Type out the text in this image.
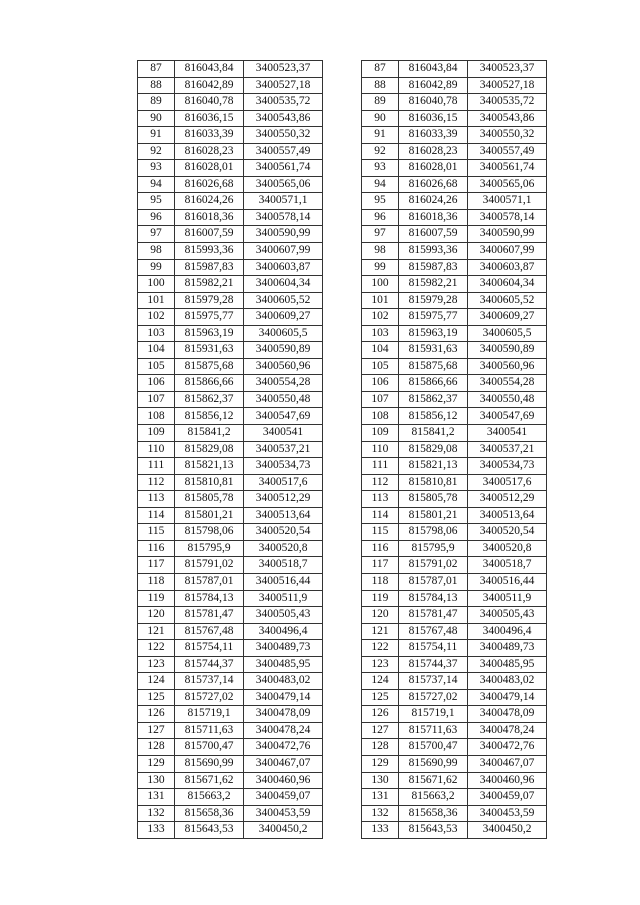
87	816043,84	3400523,37
88	816042,89	3400527,18
89	816040,78	3400535,72
90	816036,15	3400543,86
91	816033,39	3400550,32
92	816028,23	3400557,49
93	816028,01	3400561,74
94	816026,68	3400565,06
95	816024,26	3400571,1
96	816018,36	3400578,14
97	816007,59	3400590,99
98	815993,36	3400607,99
99	815987,83	3400603,87
100	815982,21	3400604,34
101	815979,28	3400605,52
102	815975,77	3400609,27
103	815963,19	3400605,5
104	815931,63	3400590,89
105	815875,68	3400560,96
106	815866,66	3400554,28
107	815862,37	3400550,48
108	815856,12	3400547,69
109	815841,2	3400541
110	815829,08	3400537,21
111	815821,13	3400534,73
112	815810,81	3400517,6
113	815805,78	3400512,29
114	815801,21	3400513,64
115	815798,06	3400520,54
116	815795,9	3400520,8
117	815791,02	3400518,7
118	815787,01	3400516,44
119	815784,13	3400511,9
120	815781,47	3400505,43
121	815767,48	3400496,4
122	815754,11	3400489,73
123	815744,37	3400485,95
124	815737,14	3400483,02
125	815727,02	3400479,14
126	815719,1	3400478,09
127	815711,63	3400478,24
128	815700,47	3400472,76
129	815690,99	3400467,07
130	815671,62	3400460,96
131	815663,2	3400459,07
132	815658,36	3400453,59
133	815643,53	3400450,2
87	816043,84	3400523,37
88	816042,89	3400527,18
89	816040,78	3400535,72
90	816036,15	3400543,86
91	816033,39	3400550,32
92	816028,23	3400557,49
93	816028,01	3400561,74
94	816026,68	3400565,06
95	816024,26	3400571,1
96	816018,36	3400578,14
97	816007,59	3400590,99
98	815993,36	3400607,99
99	815987,83	3400603,87
100	815982,21	3400604,34
101	815979,28	3400605,52
102	815975,77	3400609,27
103	815963,19	3400605,5
104	815931,63	3400590,89
105	815875,68	3400560,96
106	815866,66	3400554,28
107	815862,37	3400550,48
108	815856,12	3400547,69
109	815841,2	3400541
110	815829,08	3400537,21
111	815821,13	3400534,73
112	815810,81	3400517,6
113	815805,78	3400512,29
114	815801,21	3400513,64
115	815798,06	3400520,54
116	815795,9	3400520,8
117	815791,02	3400518,7
118	815787,01	3400516,44
119	815784,13	3400511,9
120	815781,47	3400505,43
121	815767,48	3400496,4
122	815754,11	3400489,73
123	815744,37	3400485,95
124	815737,14	3400483,02
125	815727,02	3400479,14
126	815719,1	3400478,09
127	815711,63	3400478,24
128	815700,47	3400472,76
129	815690,99	3400467,07
130	815671,62	3400460,96
131	815663,2	3400459,07
132	815658,36	3400453,59
133	815643,53	3400450,2
